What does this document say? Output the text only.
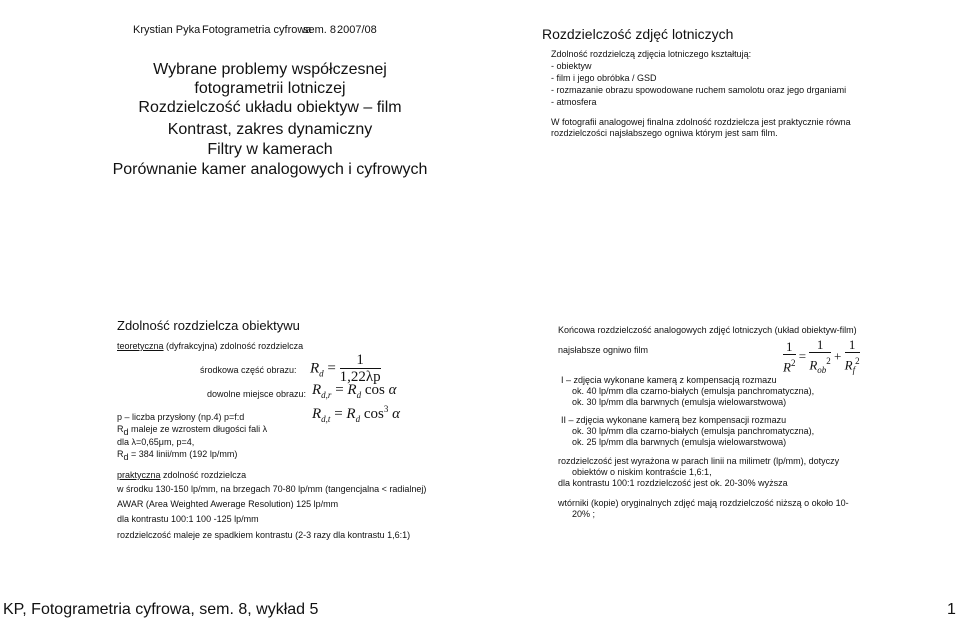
Krystian Pyka Fotogrametria cyfrowa
sem. 8 2007/08
Wybrane problemy współczesnej
fotogrametrii lotniczej
Rozdzielczość układu obiektyw – film
Kontrast, zakres dynamiczny
Filtry w kamerach
Porównanie kamer analogowych i cyfrowych
Rozdzielczość zdjęć lotniczych
Zdolność rozdzielczą zdjęcia lotniczego kształtują:
- obiektyw
- film i jego obróbka / GSD
- rozmazanie obrazu spowodowane ruchem samolotu oraz jego drganiami
- atmosfera
W fotografii analogowej finalna zdolność rozdzielcza jest praktycznie równa
rozdzielczości najsłabszego ogniwa którym jest sam film.
Zdolność rozdzielcza obiektywu
teoretyczna (dyfrakcyjna) zdolność rozdzielcza
środkowa część obrazu:
dowolne miejsce obrazu:
$R_d = \frac{1}{1,22\lambda p}$
$R_{d,r} = R_d$ cos α
$R_{d,t} = R_d$ $\cos^3 \alpha$
p – liczba przysłony (np.4) p=f:d
$R_d$ maleje ze wzrostem długości fali λ
dla λ=0,65μm, p=4,
$R_d = 384$ linii/mm (192 lp/mm)
praktyczna zdolność rozdzielcza
w środku 130-150 lp/mm, na brzegach 70-80 lp/mm (tangencjalna < radialnej)
AWAR (Area Weighted Awerage Resolution) 125 lp/mm
dla kontrastu 100:1 100 -125 lp/mm
rozdzielczość maleje ze spadkiem kontrastu (2-3 razy dla kontrastu 1,6:1)
Końcowa rozdzielczość analogowych zdjęć lotniczych (układ obiektyw-film)
najsłabsze ogniwo film	$\frac{1}{R^2} = \frac{1}{R_{ob}^2} + \frac{1}{R_f^2}$
I – zdjęcia wykonane kamerą z kompensacją rozmazu
ok. 40 lp/mm dla czarno-białych (emulsja panchromatyczna),
ok. 30 lp/mm dla barwnych (emulsja wielowarstwowa)
II – zdjęcia wykonane kamerą bez kompensacji rozmazu
ok. 30 lp/mm dla czarno-białych (emulsja panchromatyczna),
ok. 25 lp/mm dla barwnych (emulsja wielowarstwowa)
rozdzielczość jest wyrażona w parach linii na milimetr (lp/mm), dotyczy
obiektów o niskim kontraście 1,6:1,
dla kontrastu 100:1 rozdzielczość jest ok. 20-30% wyższa
wtórniki (kopie) oryginalnych zdjęć mają rozdzielczość niższą o około 10-
20% ;
KP, Fotogrametria cyfrowa, sem. 8, wykład 5	1
